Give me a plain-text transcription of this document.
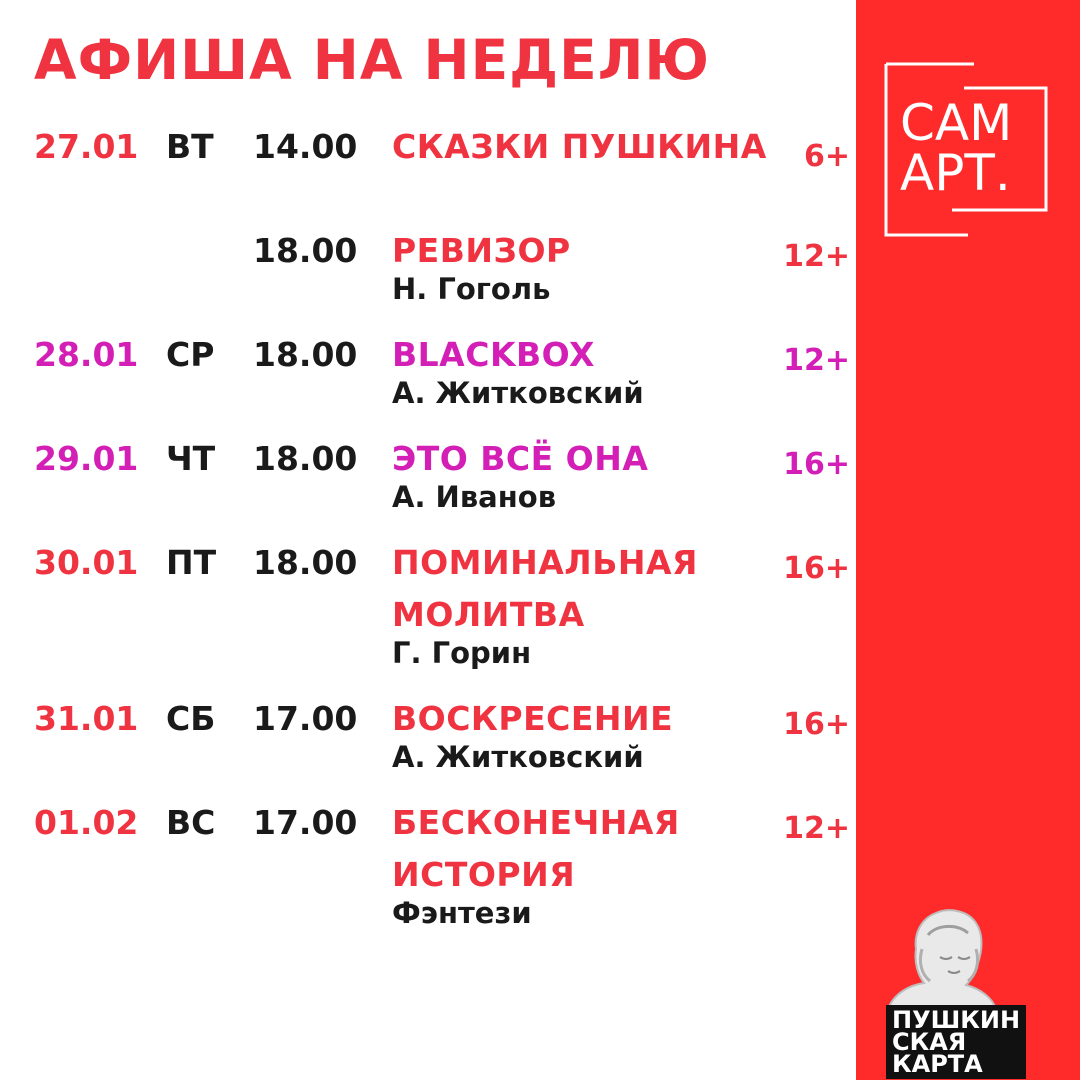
АФИША НА НЕДЕЛЮ
27.01 ВТ 14.00 СКАЗКИ ПУШКИНА 6+
18.00 РЕВИЗОР
Н. Гоголь
12+
28.01 СР 18.00 BLACKBOX
А. Житковский
12+
29.01 ЧТ 18.00 ЭТО ВСЁ ОНА
А. Иванов
16+
30.01 ПТ 18.00 ПОМИНАЛЬНАЯ
МОЛИТВА
Г. Горин
16+
31.01 СБ 17.00 ВОСКРЕСЕНИЕ
А. Житковский
16+
01.02 ВС 17.00 БЕСКОНЕЧНАЯ
ИСТОРИЯ
Фэнтези
12+
САМ
АРТ.
ПУШКИН
СКАЯ
КАРТА
